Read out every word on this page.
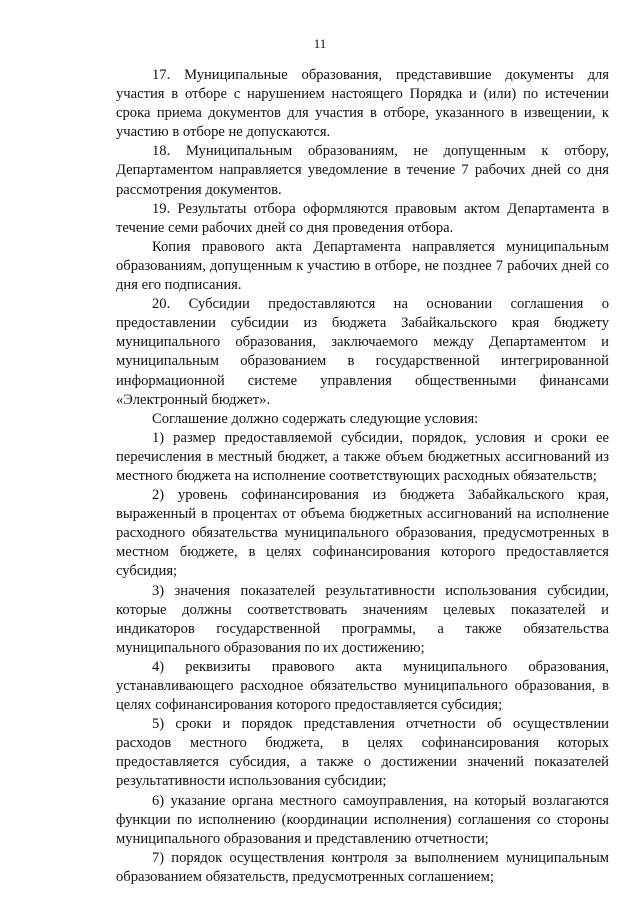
11

17. Муниципальные образования, представившие документы для участия в отборе с нарушением настоящего Порядка и (или) по истечении срока приема документов для участия в отборе, указанного в извещении, к участию в отборе не допускаются.

18. Муниципальным образованиям, не допущенным к отбору, Департаментом направляется уведомление в течение 7 рабочих дней со дня рассмотрения документов.

19. Результаты отбора оформляются правовым актом Департамента в течение семи рабочих дней со дня проведения отбора.

Копия правового акта Департамента направляется муниципальным образованиям, допущенным к участию в отборе, не позднее 7 рабочих дней со дня его подписания.

20. Субсидии предоставляются на основании соглашения о предоставлении субсидии из бюджета Забайкальского края бюджету муниципального образования, заключаемого между Департаментом и муниципальным образованием в государственной интегрированной информационной системе управления общественными финансами «Электронный бюджет».

Соглашение должно содержать следующие условия:

1) размер предоставляемой субсидии, порядок, условия и сроки ее перечисления в местный бюджет, а также объем бюджетных ассигнований из местного бюджета на исполнение соответствующих расходных обязательств;

2) уровень софинансирования из бюджета Забайкальского края, выраженный в процентах от объема бюджетных ассигнований на исполнение расходного обязательства муниципального образования, предусмотренных в местном бюджете, в целях софинансирования которого предоставляется субсидия;

3) значения показателей результативности использования субсидии, которые должны соответствовать значениям целевых показателей и индикаторов государственной программы, а также обязательства муниципального образования по их достижению;

4) реквизиты правового акта муниципального образования, устанавливающего расходное обязательство муниципального образования, в целях софинансирования которого предоставляется субсидия;

5) сроки и порядок представления отчетности об осуществлении расходов местного бюджета, в целях софинансирования которых предоставляется субсидия, а также о достижении значений показателей результативности использования субсидии;

6) указание органа местного самоуправления, на который возлагаются функции по исполнению (координации исполнения) соглашения со стороны муниципального образования и представлению отчетности;

7) порядок осуществления контроля за выполнением муниципальным образованием обязательств, предусмотренных соглашением;
